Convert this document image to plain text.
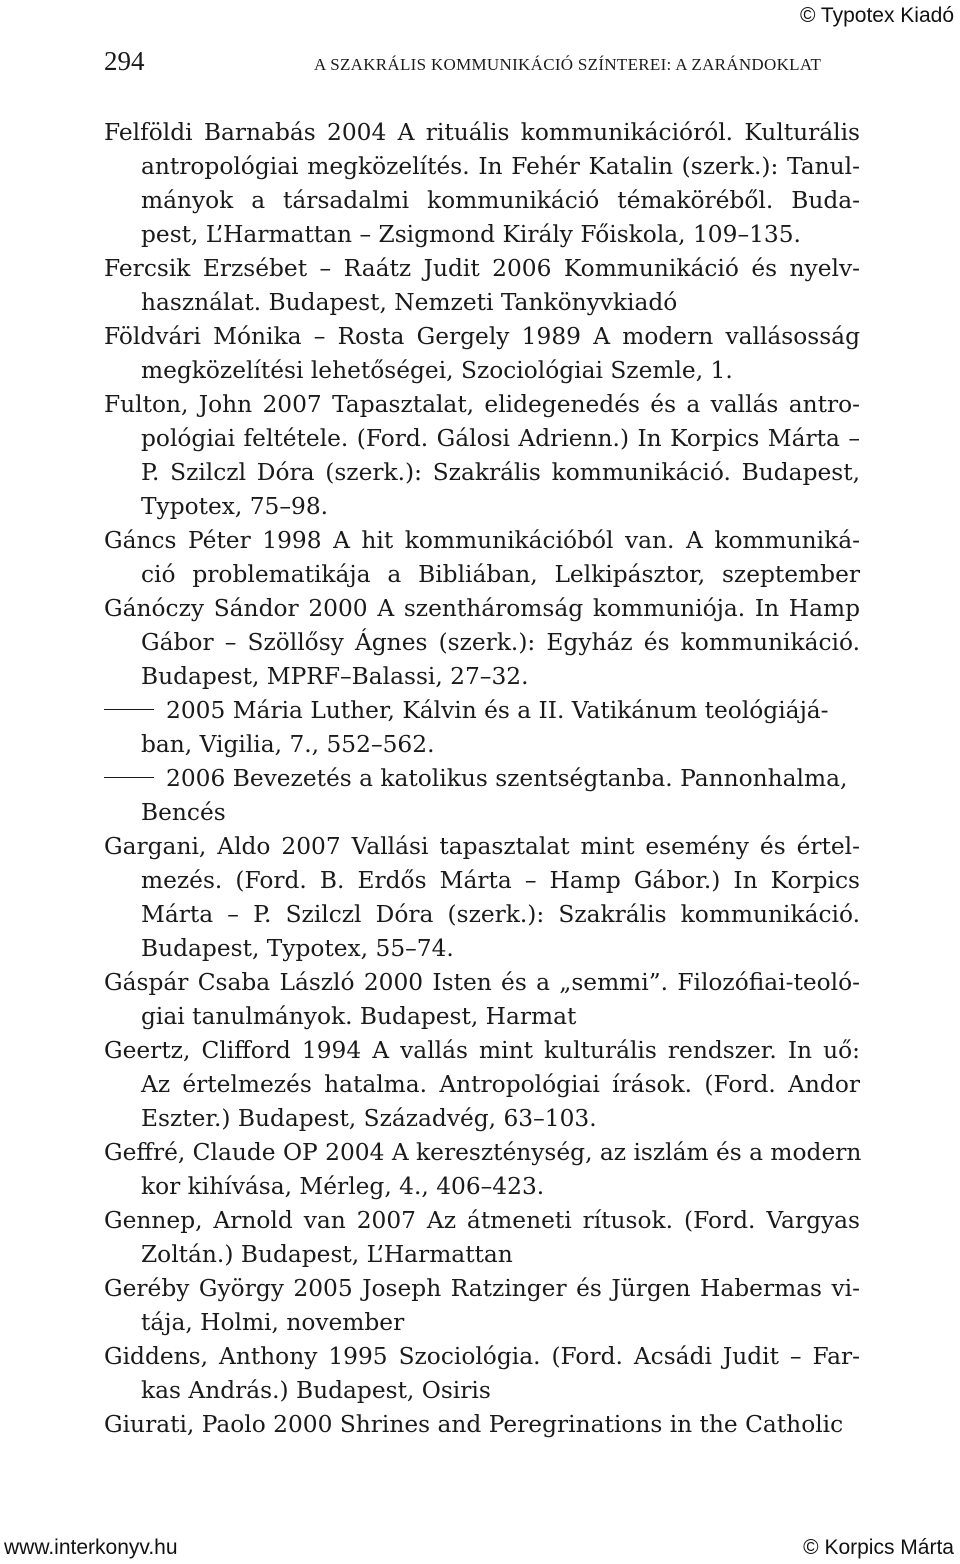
© Typotex Kiadó
294	A SZAKRÁLIS KOMMUNIKÁCIÓ SZÍNTEREI: A ZARÁNDOKLAT
Felföldi Barnabás 2004 A rituális kommunikációról. Kulturális
antropológiai megközelítés. In Fehér Katalin (szerk.): Tanul-
mányok a társadalmi kommunikáció témaköréből. Buda-
pest, L’Harmattan – Zsigmond Király Főiskola, 109–135.
Fercsik Erzsébet – Raátz Judit 2006 Kommunikáció és nyelv-
használat. Budapest, Nemzeti Tankönyvkiadó
Földvári Mónika – Rosta Gergely 1989 A modern vallásosság
megközelítési lehetőségei, Szociológiai Szemle, 1.
Fulton, John 2007 Tapasztalat, elidegenedés és a vallás antro-
pológiai feltétele. (Ford. Gálosi Adrienn.) In Korpics Márta –
P. Szilczl Dóra (szerk.): Szakrális kommunikáció. Budapest,
Typotex, 75–98.
Gáncs Péter 1998 A hit kommunikációból van. A kommuniká-
ció problematikája a Bibliában, Lelkipásztor, szeptember
Gánóczy Sándor 2000 A szentháromság kommuniója. In Hamp
Gábor – Szöllősy Ágnes (szerk.): Egyház és kommunikáció.
Budapest, MPRF–Balassi, 27–32.
2005 Mária Luther, Kálvin és a II. Vatikánum teológiájá-
ban, Vigilia, 7., 552–562.
2006 Bevezetés a katolikus szentségtanba. Pannonhalma,
Bencés
Gargani, Aldo 2007 Vallási tapasztalat mint esemény és értel-
mezés. (Ford. B. Erdős Márta – Hamp Gábor.) In Korpics
Márta – P. Szilczl Dóra (szerk.): Szakrális kommunikáció.
Budapest, Typotex, 55–74.
Gáspár Csaba László 2000 Isten és a „semmi”. Filozófiai-teoló-
giai tanulmányok. Budapest, Harmat
Geertz, Clifford 1994 A vallás mint kulturális rendszer. In uő:
Az értelmezés hatalma. Antropológiai írások. (Ford. Andor
Eszter.) Budapest, Századvég, 63–103.
Geffré, Claude OP 2004 A kereszténység, az iszlám és a modern
kor kihívása, Mérleg, 4., 406–423.
Gennep, Arnold van 2007 Az átmeneti rítusok. (Ford. Vargyas
Zoltán.) Budapest, L’Harmattan
Geréby György 2005 Joseph Ratzinger és Jürgen Habermas vi-
tája, Holmi, november
Giddens, Anthony 1995 Szociológia. (Ford. Acsádi Judit – Far-
kas András.) Budapest, Osiris
Giurati, Paolo 2000 Shrines and Peregrinations in the Catholic
www.interkonyv.hu	© Korpics Márta
